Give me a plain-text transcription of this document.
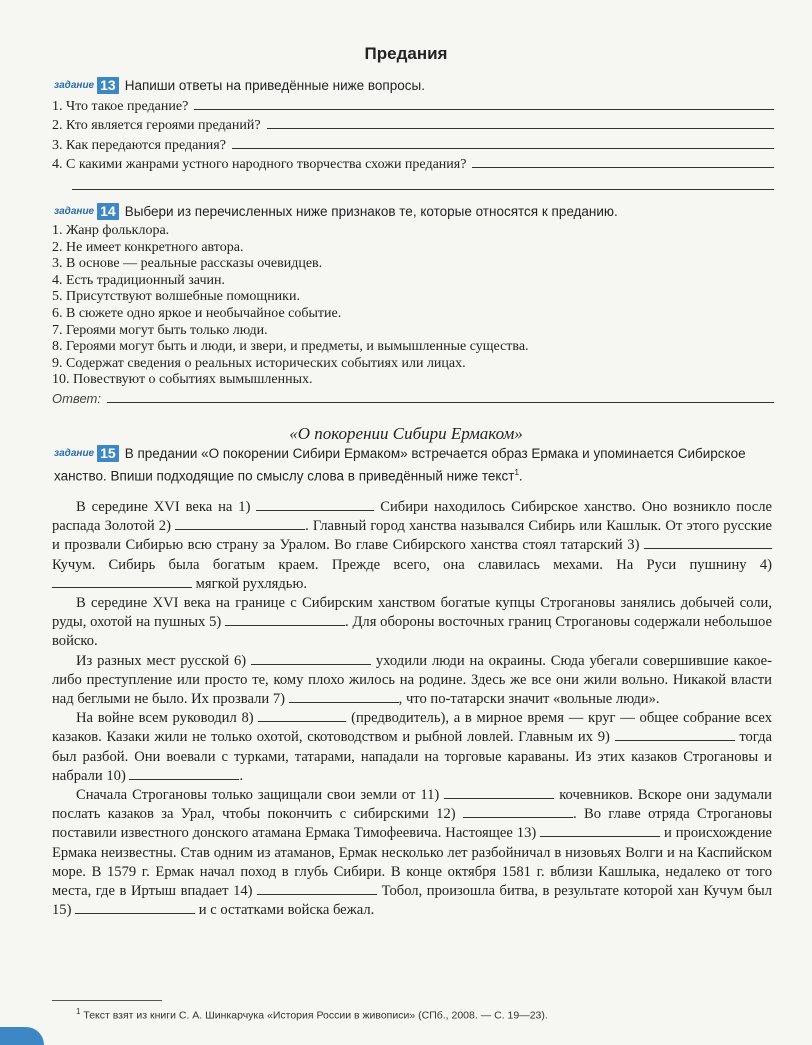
Предания
задание 13 Напиши ответы на приведённые ниже вопросы.
1. Что такое предание?
2. Кто является героями преданий?
3. Как передаются предания?
4. С какими жанрами устного народного творчества схожи предания?
задание 14 Выбери из перечисленных ниже признаков те, которые относятся к преданию.
1. Жанр фольклора.
2. Не имеет конкретного автора.
3. В основе — реальные рассказы очевидцев.
4. Есть традиционный зачин.
5. Присутствуют волшебные помощники.
6. В сюжете одно яркое и необычайное событие.
7. Героями могут быть только люди.
8. Героями могут быть и люди, и звери, и предметы, и вымышленные существа.
9. Содержат сведения о реальных исторических событиях или лицах.
10. Повествуют о событиях вымышленных.
Ответ:
«О покорении Сибири Ермаком»
задание 15 В предании «О покорении Сибири Ермаком» встречается образ Ермака и упоминается Сибирское ханство. Впиши подходящие по смыслу слова в приведённый ниже текст$^1$.

В середине XVI века на 1)	Сибири находилось Сибирское ханство. Оно возникло после распада Золотой 2)	. Главный город ханства назывался Сибирь или Кашлык. От этого русские и прозвали Сибирью всю страну за Уралом. Во главе Сибирского ханства стоял татарский 3)  Кучум. Сибирь была богатым краем. Прежде всего, она славилась мехами. На Руси пушнину 4)  мягкой рухлядью.

В середине XVI века на границе с Сибирским ханством богатые купцы Строгановы занялись добычей соли, руды, охотой на пушных 5)	. Для обороны восточных границ Строгановы содержали небольшое войско.

Из разных мест русской 6)	уходили люди на окраины. Сюда убегали совершившие какое-либо преступление или просто те, кому плохо жилось на родине. Здесь же все они жили вольно. Никакой власти над беглыми не было. Их прозвали 7)	, что по-татарски значит «вольные люди».

На войне всем руководил 8)	(предводитель), а в мирное время — круг — общее собрание всех казаков. Казаки жили не только охотой, скотоводством и рыбной ловлей. Главным их 9)	тогда был разбой. Они воевали с турками, татарами, нападали на торговые караваны. Из этих казаков Строгановы и набрали 10)	.

Сначала Строгановы только защищали свои земли от 11)	кочевников. Вскоре они задумали послать казаков за Урал, чтобы покончить с сибирскими 12)	. Во главе отряда Строгановы поставили известного донского атамана Ермака Тимофеевича. Настоящее 13)	и происхождение Ермака неизвестны. Став одним из атаманов, Ермак несколько лет разбойничал в низовьях Волги и на Каспийском море. В 1579 г. Ермак начал поход в глубь Сибири. В конце октября 1581 г. вблизи Кашлыка, недалеко от того места, где в Иртыш впадает 14)	Тобол, произошла битва, в результате которой хан Кучум был 15)	и с остатками войска бежал.

$^1$ Текст взят из книги С. А. Шинкарчука «История России в живописи» (СПб., 2008. — С. 19—23).
